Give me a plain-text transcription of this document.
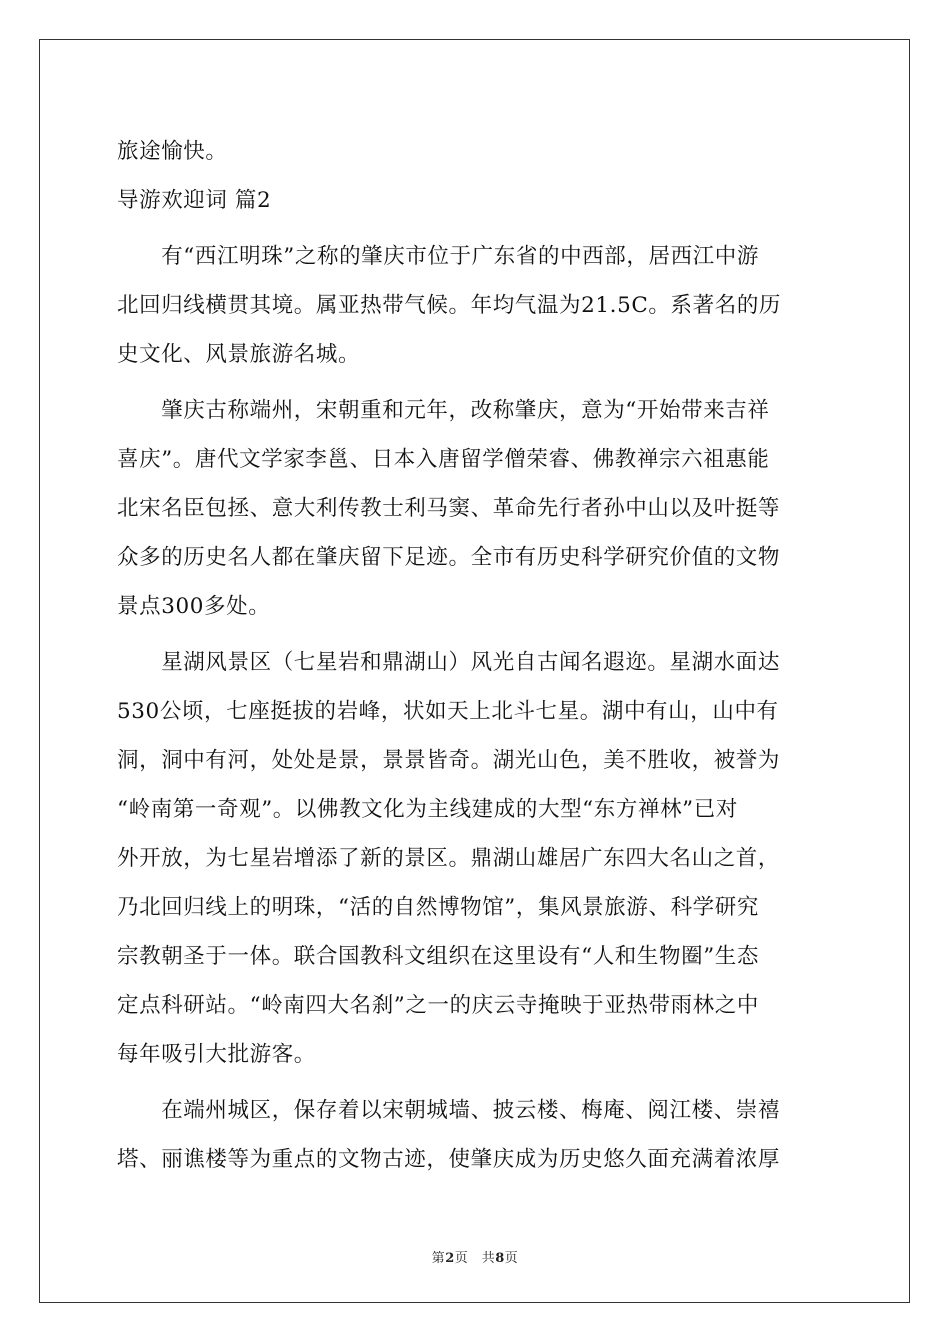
旅途愉快。
导游欢迎词 篇2
　　有“西江明珠”之称的肇庆市位于广东省的中西部，居西江中游
北回归线横贯其境。属亚热带气候。年均气温为21.5C。系著名的历
史文化、风景旅游名城。
　　肇庆古称端州，宋朝重和元年，改称肇庆，意为“开始带来吉祥
喜庆”。唐代文学家李邕、日本入唐留学僧荣睿、佛教禅宗六祖惠能
北宋名臣包拯、意大利传教士利马窦、革命先行者孙中山以及叶挺等
众多的历史名人都在肇庆留下足迹。全市有历史科学研究价值的文物
景点300多处。
　　星湖风景区（七星岩和鼎湖山）风光自古闻名遐迩。星湖水面达
530公顷，七座挺拔的岩峰，状如天上北斗七星。湖中有山，山中有
洞，洞中有河，处处是景，景景皆奇。湖光山色，美不胜收，被誉为
“岭南第一奇观”。以佛教文化为主线建成的大型“东方禅林”已对
外开放，为七星岩增添了新的景区。鼎湖山雄居广东四大名山之首，
乃北回归线上的明珠，“活的自然博物馆”，集风景旅游、科学研究
宗教朝圣于一体。联合国教科文组织在这里设有“人和生物圈”生态
定点科研站。“岭南四大名刹”之一的庆云寺掩映于亚热带雨林之中
每年吸引大批游客。
　　在端州城区，保存着以宋朝城墙、披云楼、梅庵、阅江楼、崇禧
塔、丽谯楼等为重点的文物古迹，使肇庆成为历史悠久面充满着浓厚
第2页　共8页
